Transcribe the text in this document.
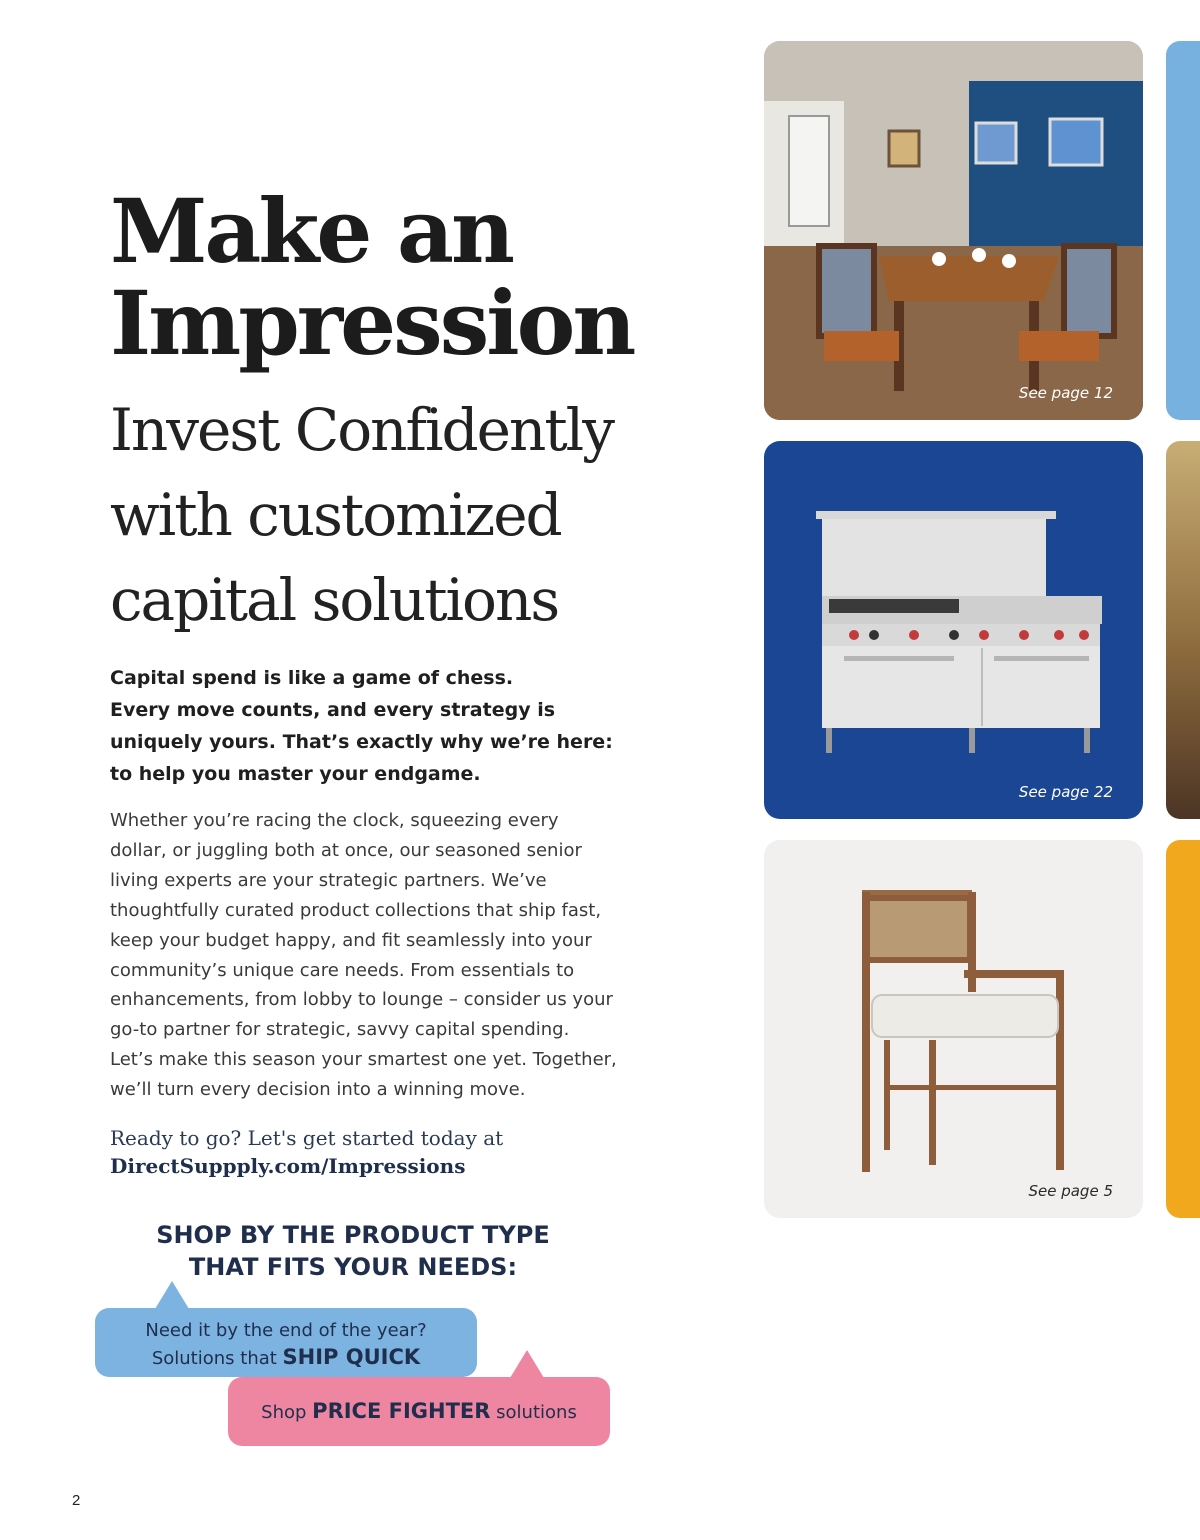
Make an
Impression
Invest Confidently
with customized
capital solutions
Capital spend is like a game of chess.
Every move counts, and every strategy is
uniquely yours. That’s exactly why we’re here:
to help you master your endgame.
Whether you’re racing the clock, squeezing every
dollar, or juggling both at once, our seasoned senior
living experts are your strategic partners. We’ve
thoughtfully curated product collections that ship fast,
keep your budget happy, and fit seamlessly into your
community’s unique care needs. From essentials to
enhancements, from lobby to lounge – consider us your
go-to partner for strategic, savvy capital spending.
Let’s make this season your smartest one yet. Together,
we’ll turn every decision into a winning move.
Ready to go? Let's get started today at
DirectSuppply.com/Impressions
SHOP BY THE PRODUCT TYPE
THAT FITS YOUR NEEDS:
Need it by the end of the year?
Solutions that SHIP QUICK
Shop PRICE FIGHTER solutions
2
See page 12
See page 22
See page 5
